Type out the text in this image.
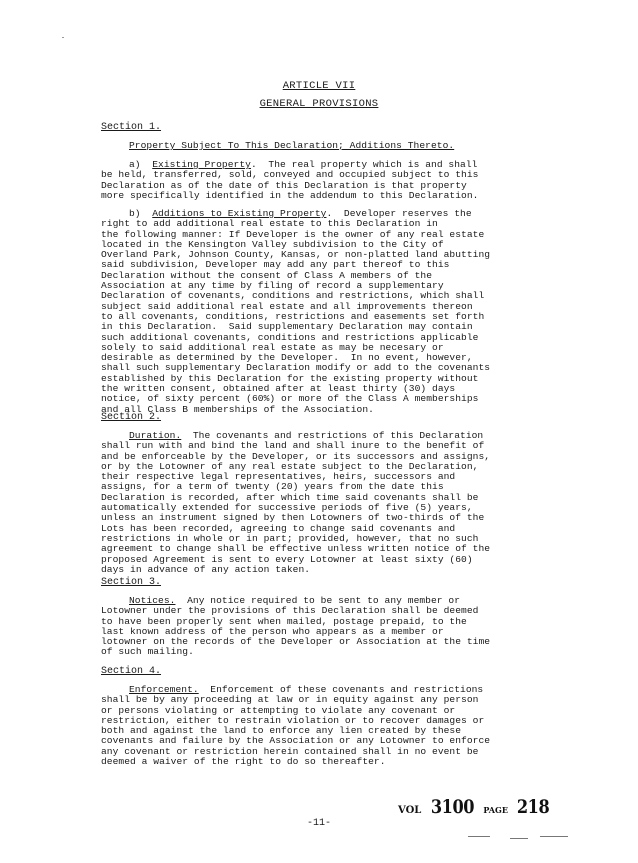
ARTICLE VII
GENERAL PROVISIONS
Section 1.
Property Subject To This Declaration; Additions Thereto.
a) Existing Property.  The real property which is and shall
be held, transferred, sold, conveyed and occupied subject to this
Declaration as of the date of this Declaration is that property
more specifically identified in the addendum to this Declaration.
b) Additions to Existing Property.  Developer reserves the
right to add additional real estate to this Declaration in
the following manner: If Developer is the owner of any real estate
located in the Kensington Valley subdivision to the City of
Overland Park, Johnson County, Kansas, or non-platted land abutting
said subdivision, Developer may add any part thereof to this
Declaration without the consent of Class A members of the
Association at any time by filing of record a supplementary
Declaration of covenants, conditions and restrictions, which shall
subject said additional real estate and all improvements thereon
to all covenants, conditions, restrictions and easements set forth
in this Declaration.  Said supplementary Declaration may contain
such additional covenants, conditions and restrictions applicable
solely to said additional real estate as may be necesary or
desirable as determined by the Developer.  In no event, however,
shall such supplementary Declaration modify or add to the covenants
established by this Declaration for the existing property without
the written consent, obtained after at least thirty (30) days
notice, of sixty percent (60%) or more of the Class A memberships
and all Class B memberships of the Association.
Section 2.
Duration.  The covenants and restrictions of this Declaration
shall run with and bind the land and shall inure to the benefit of
and be enforceable by the Developer, or its successors and assigns,
or by the Lotowner of any real estate subject to the Declaration,
their respective legal representatives, heirs, successors and
assigns, for a term of twenty (20) years from the date this
Declaration is recorded, after which time said covenants shall be
automatically extended for successive periods of five (5) years,
unless an instrument signed by then Lotowners of two-thirds of the
Lots has been recorded, agreeing to change said covenants and
restrictions in whole or in part; provided, however, that no such
agreement to change shall be effective unless written notice of the
proposed Agreement is sent to every Lotowner at least sixty (60)
days in advance of any action taken.
Section 3.
Notices.  Any notice required to be sent to any member or
Lotowner under the provisions of this Declaration shall be deemed
to have been properly sent when mailed, postage prepaid, to the
last known address of the person who appears as a member or
lotowner on the records of the Developer or Association at the time
of such mailing.
Section 4.
Enforcement.  Enforcement of these covenants and restrictions
shall be by any proceeding at law or in equity against any person
or persons violating or attempting to violate any covenant or
restriction, either to restrain violation or to recover damages or
both and against the land to enforce any lien created by these
covenants and failure by the Association or any Lotowner to enforce
any covenant or restriction herein contained shall in no event be
deemed a waiver of the right to do so thereafter.
VOL 3100 PAGE 218
-11-
